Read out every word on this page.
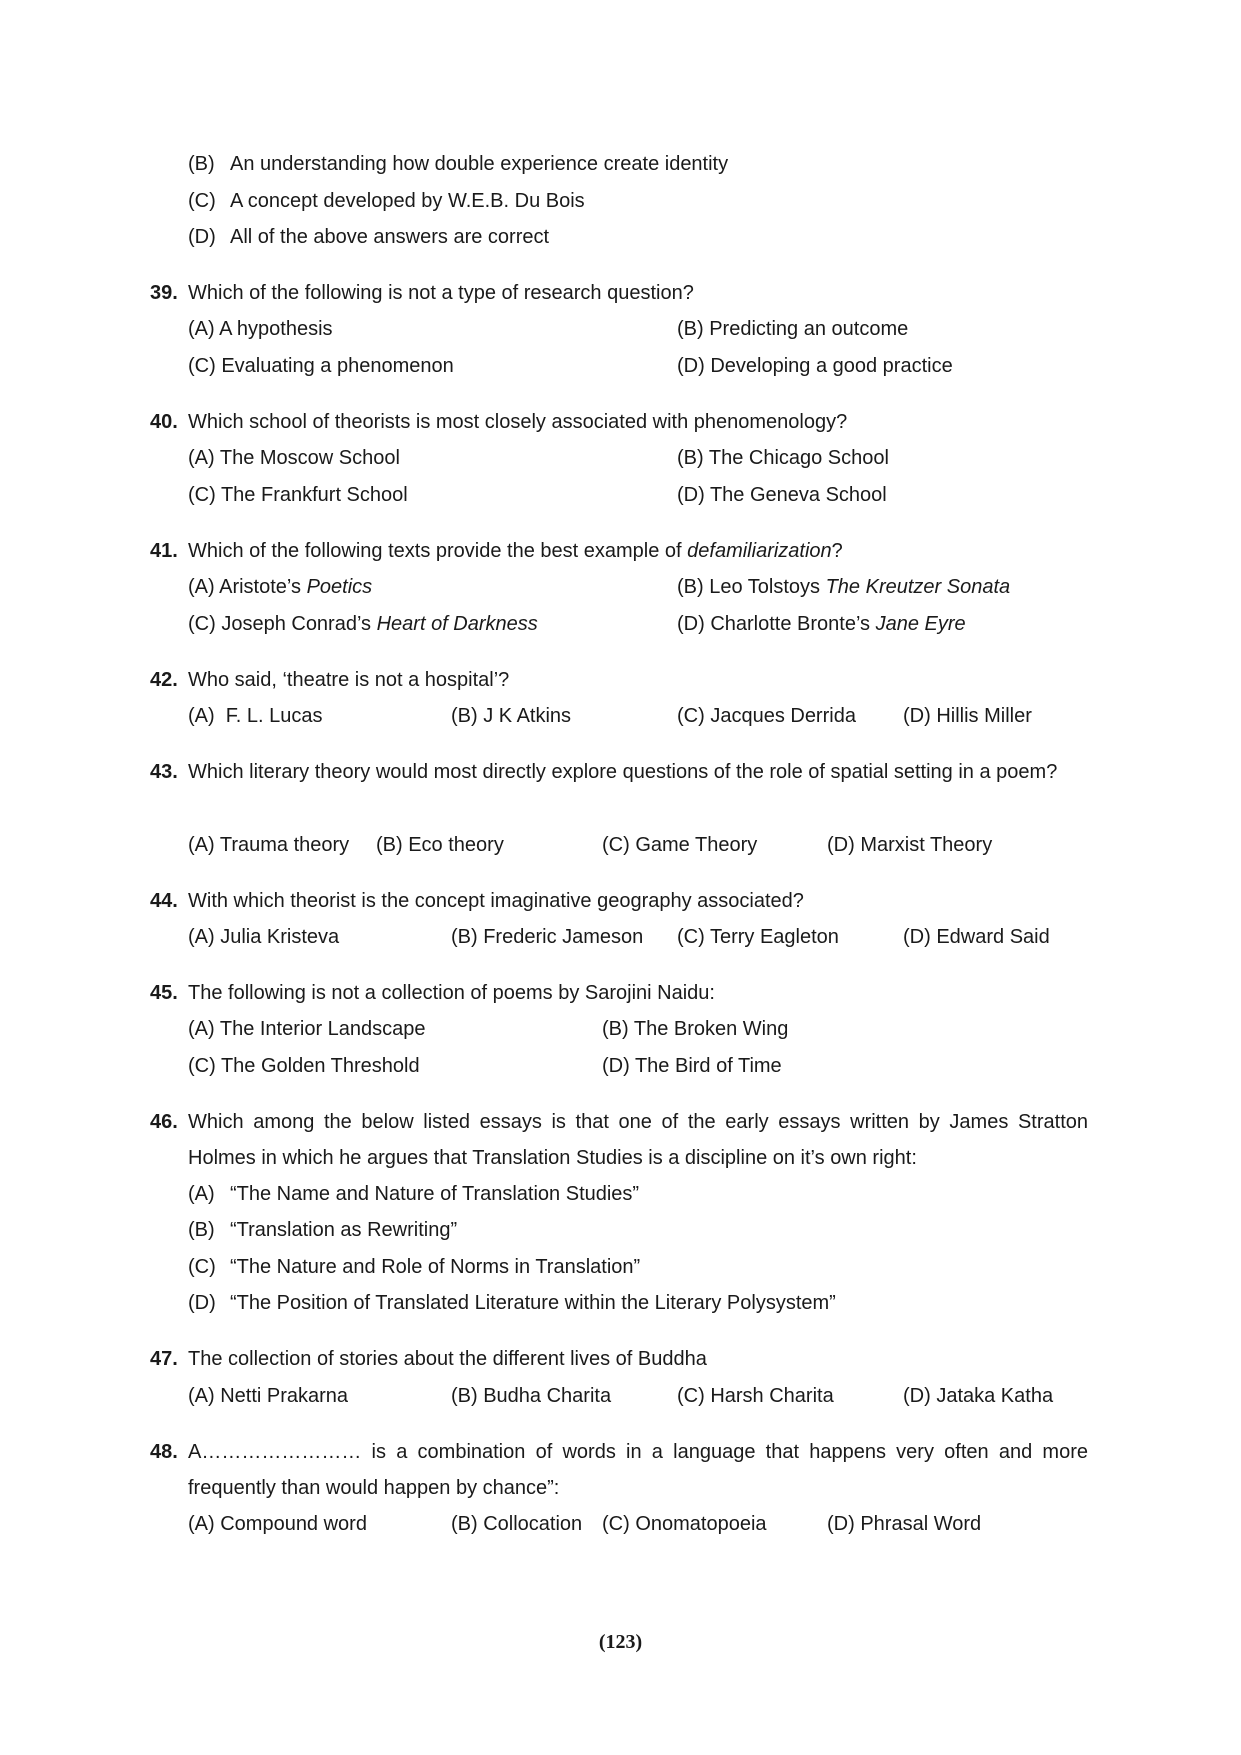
(B) An understanding how double experience create identity
(C) A concept developed by W.E.B. Du Bois
(D) All of the above answers are correct
39. Which of the following is not a type of research question?
(A) A hypothesis	(B) Predicting an outcome
(C) Evaluating a phenomenon	(D) Developing a good practice
40. Which school of theorists is most closely associated with phenomenology?
(A) The Moscow School	(B) The Chicago School
(C) The Frankfurt School	(D) The Geneva School
41. Which of the following texts provide the best example of defamiliarization?
(A) Aristote’s Poetics	(B) Leo Tolstoys The Kreutzer Sonata
(C) Joseph Conrad’s Heart of Darkness	(D) Charlotte Bronte’s Jane Eyre
42. Who said, ‘theatre is not a hospital’?
(A)  F. L. Lucas	(B) J K Atkins	(C) Jacques Derrida (D) Hillis Miller
43. Which literary theory would most directly explore questions of the role of spatial setting in a poem?
(A) Trauma theory (B) Eco theory	(C) Game Theory	(D) Marxist Theory
44. With which theorist is the concept imaginative geography associated?
(A) Julia Kristeva	(B) Frederic Jameson (C) Terry Eagleton	(D) Edward Said
45. The following is not a collection of poems by Sarojini Naidu:
(A) The Interior Landscape	(B) The Broken Wing
(C) The Golden Threshold	(D) The Bird of Time
46. Which among the below listed essays is that one of the early essays written by James Stratton Holmes in which he argues that Translation Studies is a discipline on it’s own right:
(A) “The Name and Nature of Translation Studies”
(B) “Translation as Rewriting”
(C) “The Nature and Role of Norms in Translation”
(D) “The Position of Translated Literature within the Literary Polysystem”
47. The collection of stories about the different lives of Buddha
(A) Netti Prakarna	(B) Budha Charita	(C) Harsh Charita	(D) Jataka Katha
48. A…………………… is a combination of words in a language that happens very often and more frequently than would happen by chance”:
(A) Compound word	(B) Collocation (C) Onomatopoeia	(D) Phrasal Word
(123)
